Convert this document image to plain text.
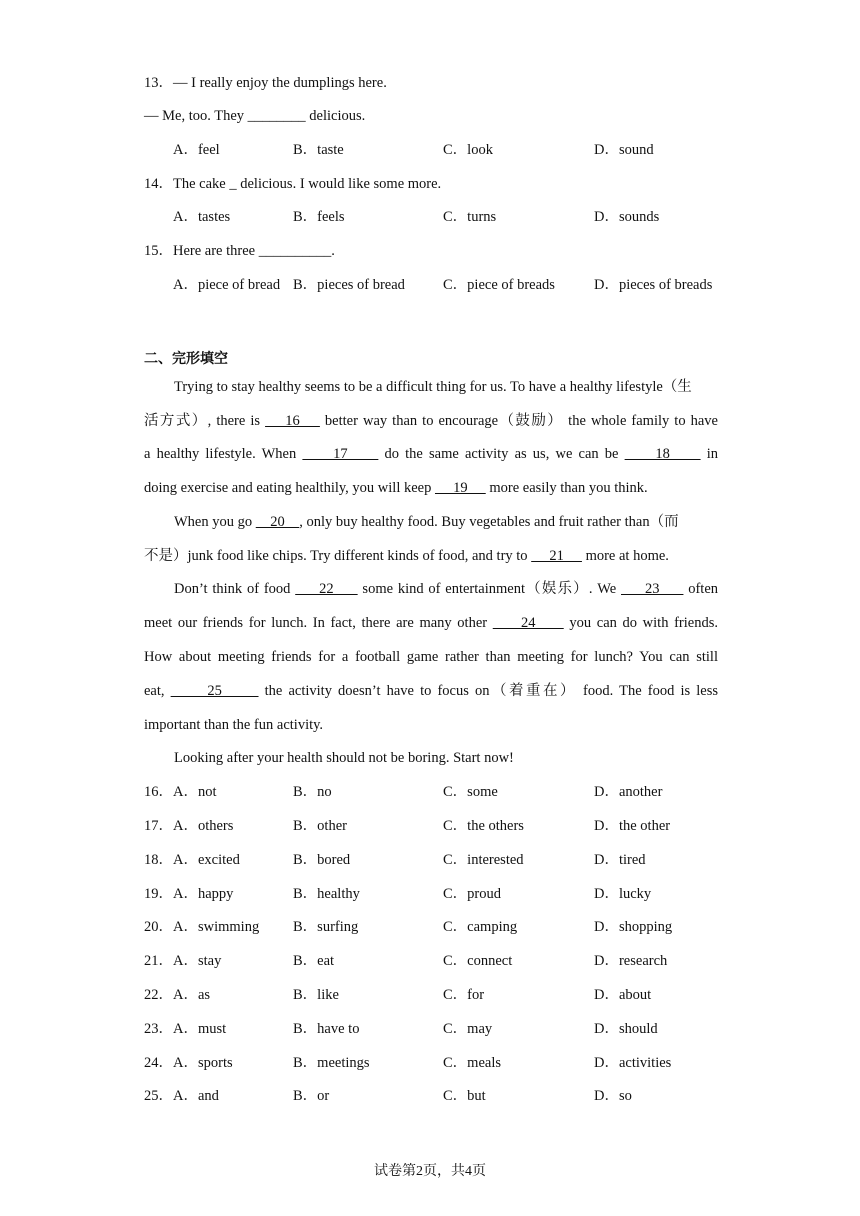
13．— I really enjoy the dumplings here.
— Me, too. They ________ delicious.
A．feel	B．taste	C．look	D．sound
14．The cake _ delicious. I would like some more.
A．tastes	B．feels	C．turns	D．sounds
15．Here are three __________.
A．piece of bread B．pieces of bread	C．piece of breads	D．pieces of breads
二、完形填空
Trying to stay healthy seems to be a difficult thing for us. To have a healthy lifestyle（生
活方式）, there is     16     better way than to encourage（鼓励） the whole family to have
a healthy lifestyle. When      17      do the same activity as us, we can be      18      in
doing exercise and eating healthily, you will keep      19      more easily than you think.
When you go     20    , only buy healthy food. Buy vegetables and fruit rather than（而
不是）junk food like chips. Try different kinds of food, and try to      21      more at home.
Don’t think of food      22      some kind of entertainment（娱乐）. We      23      often
meet our friends for lunch. In fact, there are many other      24      you can do with friends.
How about meeting friends for a football game rather than meeting for lunch? You can still
eat,       25       the activity doesn’t have to focus on（着重在） food. The food is less
important than the fun activity.
Looking after your health should not be boring. Start now!
16． A．not	B．no	C．some	D．another
17． A．others	B．other	C．the others	D．the other
18． A．excited	B．bored	C．interested	D．tired
19． A．happy	B．healthy	C．proud	D．lucky
20． A．swimming B．surfing	C．camping	D．shopping
21． A．stay	B．eat	C．connect	D．research
22． A．as	B．like	C．for	D．about
23． A．must	B．have to	C．may	D．should
24． A．sports	B．meetings	C．meals	D．activities
25． A．and	B．or	C．but	D．so
试卷第2页，共4页
